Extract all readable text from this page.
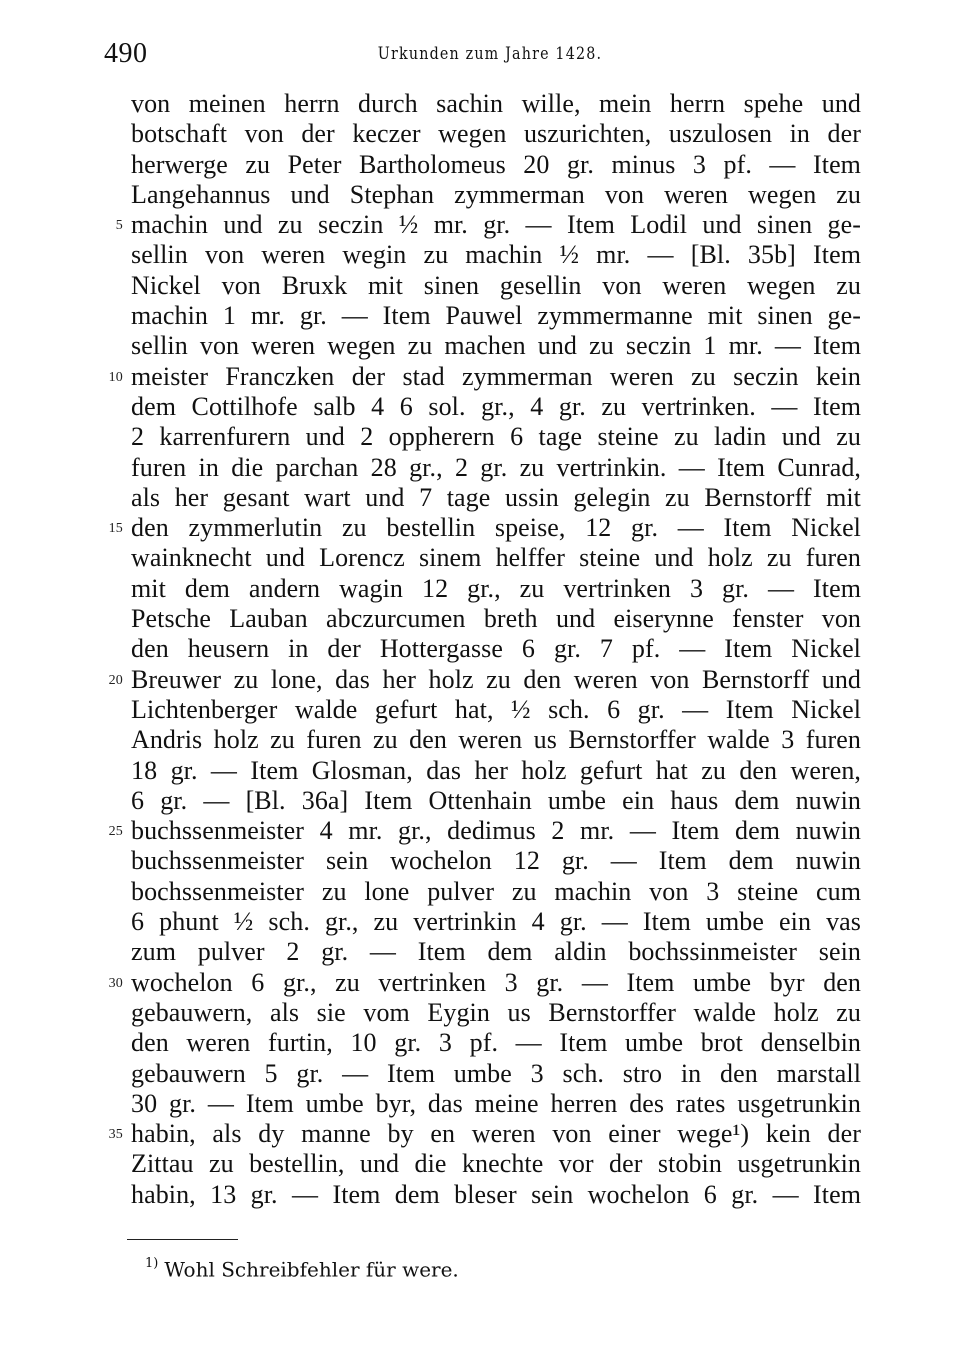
490	Urkunden zum Jahre 1428.
von meinen herrn durch sachin wille, mein herrn spehe und
botschaft von der keczer wegen uszurichten, uszulosen in der
herwerge zu Peter Bartholomeus 20 gr. minus 3 pf. — Item
Langehannus und Stephan zymmerman von weren wegen zu
5 machin und zu seczin ½ mr. gr. — Item Lodil und sinen ge-
sellin von weren wegin zu machin ½ mr. — [Bl. 35b] Item
Nickel von Bruxk mit sinen gesellin von weren wegen zu
machin 1 mr. gr. — Item Pauwel zymmermanne mit sinen ge-
sellin von weren wegen zu machen und zu seczin 1 mr. — Item
10 meister Franczken der stad zymmerman weren zu seczin kein
dem Cottilhofe salb 4 6 sol. gr., 4 gr. zu vertrinken. — Item
2 karrenfurern und 2 oppherern 6 tage steine zu ladin und zu
furen in die parchan 28 gr., 2 gr. zu vertrinkin. — Item Cunrad,
als her gesant wart und 7 tage ussin gelegin zu Bernstorff mit
15 den zymmerlutin zu bestellin speise, 12 gr. — Item Nickel
wainknecht und Lorencz sinem helffer steine und holz zu furen
mit dem andern wagin 12 gr., zu vertrinken 3 gr. — Item
Petsche Lauban abczurcumen breth und eiserynne fenster von
den heusern in der Hottergasse 6 gr. 7 pf. — Item Nickel
20 Breuwer zu lone, das her holz zu den weren von Bernstorff und
Lichtenberger walde gefurt hat, ½ sch. 6 gr. — Item Nickel
Andris holz zu furen zu den weren us Bernstorffer walde 3 furen
18 gr. — Item Glosman, das her holz gefurt hat zu den weren,
6 gr. — [Bl. 36a] Item Ottenhain umbe ein haus dem nuwin
25 buchssenmeister 4 mr. gr., dedimus 2 mr. — Item dem nuwin
buchssenmeister sein wochelon 12 gr. — Item dem nuwin
bochssenmeister zu lone pulver zu machin von 3 steine cum
6 phunt ½ sch. gr., zu vertrinkin 4 gr. — Item umbe ein vas
zum pulver 2 gr. — Item dem aldin bochssinmeister sein
30 wochelon 6 gr., zu vertrinken 3 gr. — Item umbe byr den
gebauwern, als sie vom Eygin us Bernstorffer walde holz zu
den weren furtin, 10 gr. 3 pf. — Item umbe brot denselbin
gebauwern 5 gr. — Item umbe 3 sch. stro in den marstall
30 gr. — Item umbe byr, das meine herren des rates usgetrunkin
35 habin, als dy manne by en weren von einer wege¹) kein der
Zittau zu bestellin, und die knechte vor der stobin usgetrunkin
habin, 13 gr. — Item dem bleser sein wochelon 6 gr. — Item
$^{1)}$ Wohl Schreibfehler für were.
